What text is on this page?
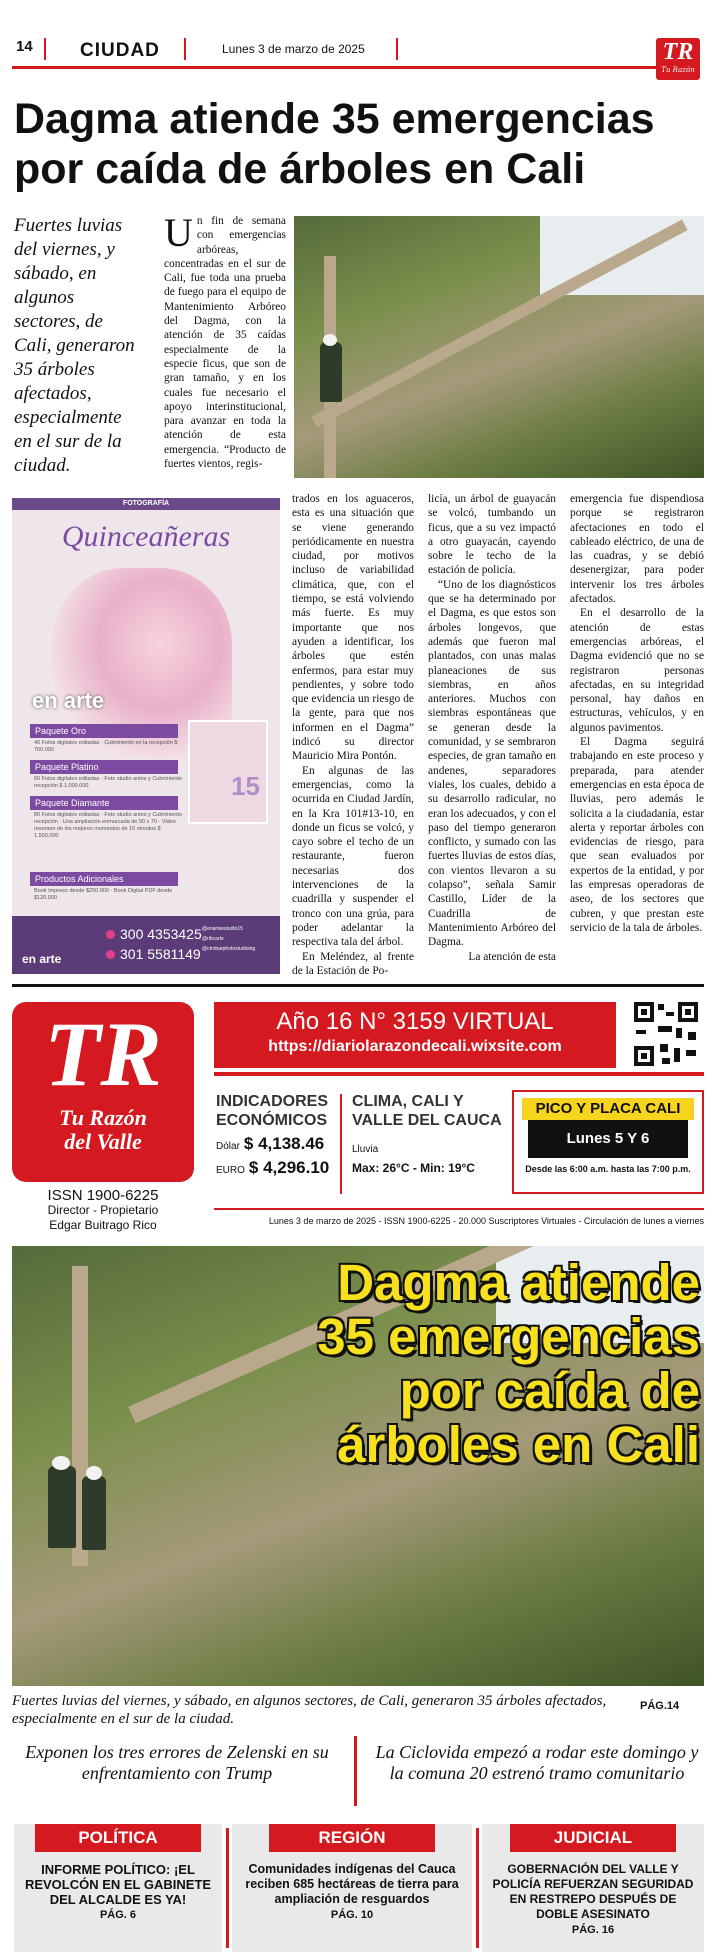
14 CIUDAD	Lunes 3 de marzo de 2025	TR
Tu Razón
Dagma atiende 35 emergencias por caída de árboles en Cali
Fuertes luvias del viernes, y sábado, en algunos sectores, de Cali, generaron 35 árboles afectados, especialmente en el sur de la ciudad.

Un fin de semana con emergencias arbóreas, concentradas en el sur de Cali, fue toda una prueba de fuego para el equipo de Mantenimiento Arbóreo del Dagma, con la atención de 35 caídas especialmente de la especie ficus, que son de gran tamaño, y en los cuales fue necesario el apoyo interinstitucional, para avanzar en toda la atención de esta emergencia. “Producto de fuertes vientos, regis-

trados en los aguaceros, esta es una situación que se viene generando periódicamente en nuestra ciudad, por motivos incluso de variabilidad climática, que, con el tiempo, se está volviendo más fuerte. Es muy importante que nos ayuden a identificar, los árboles que estén enfermos, para estar muy pendientes, y sobre todo que evidencia un riesgo de la gente, para que nos informen en el Dagma” indicó su director Mauricio Mira Pontón.

En algunas de las emergencias, como la ocurrida en Ciudad Jardín, en la Kra 101#13-10, en donde un ficus se volcó, y cayo sobre el techo de un restaurante, fueron necesarias dos intervenciones de la cuadrilla y suspender el tronco con una grúa, para poder adelantar la respectiva tala del árbol.

En Meléndez, al frente de la Estación de Po-

licía, un árbol de guayacán se volcó, tumbando un ficus, que a su vez impactó a otro guayacán, cayendo sobre le techo de la estación de policía.

“Uno de los diagnósticos que se ha determinado por el Dagma, es que estos son árboles longevos, que además que fueron mal plantados, con unas malas planeaciones de sus siembras, en años anteriores. Muchos con siembras espontáneas que se generan desde la comunidad, y se sembraron especies, de gran tamaño en andenes, separadores viales, los cuales, debido a su desarrollo radicular, no eran los adecuados, y con el paso del tiempo generaron conflicto, y sumado con las fuertes lluvias de estos días, con vientos llevaron a su colapso”, señala Samir Castillo, Líder de la Cuadrilla de Mantenimiento Arbóreo del Dagma.

La atención de esta

emergencia fue dispendiosa porque se registraron afectaciones en todo el cableado eléctrico, de una de las cuadras, y se debió desenergizar, para poder intervenir los tres árboles afectados.

En el desarrollo de la atención de estas emergencias arbóreas, el Dagma evidenció que no se registraron personas afectadas, en su integridad personal, hay daños en estructuras, vehículos, y en algunos pavimentos.

El Dagma seguirá trabajando en este proceso y preparada, para atender emergencias en esta época de lluvias, pero además le solicita a la ciudadanía, estar alerta y reportar árboles con evidencias de riesgo, para que sean evaluados por expertos de la entidad, y por las empresas operadoras de aseo, de los sectores que cubren, y que prestan este servicio de la tala de árboles.

FOTOGRAFÍA
Quinceañeras
en arte
15
Paquete Oro
40 Fotos digitales editadas · Cubrimiento en la recepción $ 700.000
Paquete Platino
60 Fotos digitales editadas · Foto studio antes y Cubrimiento recepción $ 1.000.000
Paquete Diamante
80 Fotos digitales editadas · Foto studio antes y Cubrimiento recepción · Una ampliación enmarcada de 50 x 70 · Video resumen de los mejores momentos de 10 minutos $ 1.500.000
Productos Adicionales
Book Impreso desde $250.000 · Book Digital PDF desde $120.000
en arte
300 4353425
301 5581149
@enarteestudio15
@ribcarte
@ctrobarphotostudioing
TR
Tu Razón
del Valle
ISSN 1900-6225
Director - Propietario
Edgar Buitrago Rico
Año 16 N° 3159 VIRTUAL
https://diariolarazondecali.wixsite.com
INDICADORES ECONÓMICOS
Dólar $ 4,138.46
EURO $ 4,296.10
CLIMA, CALI Y VALLE DEL CAUCA
Lluvia
Max: 26°C - Min: 19°C
PICO Y PLACA CALI
Lunes 5 Y 6
Desde las 6:00 a.m. hasta las 7:00 p.m.
Lunes 3 de marzo de 2025 - ISSN 1900-6225 - 20.000 Suscriptores Virtuales - Circulación de lunes a viernes
Dagma atiende
35 emergencias
por caída de
árboles en Cali
Fuertes luvias del viernes, y sábado, en algunos sectores, de Cali, generaron 35 árboles afectados, especialmente en el sur de la ciudad.
PÁG.14
Exponen los tres errores de Zelenski en su enfrentamiento con Trump
La Ciclovida empezó a rodar este domingo y la comuna 20 estrenó tramo comunitario
POLÍTICA
INFORME POLÍTICO: ¡EL REVOLCÓN EN EL GABINETE DEL ALCALDE ES YA!
PÁG. 6
REGIÓN
Comunidades indígenas del Cauca reciben 685 hectáreas de tierra para ampliación de resguardos
PÁG. 10
JUDICIAL
GOBERNACIÓN DEL VALLE Y POLICÍA REFUERZAN SEGURIDAD EN RESTREPO DESPUÉS DE DOBLE ASESINATO
PÁG. 16
